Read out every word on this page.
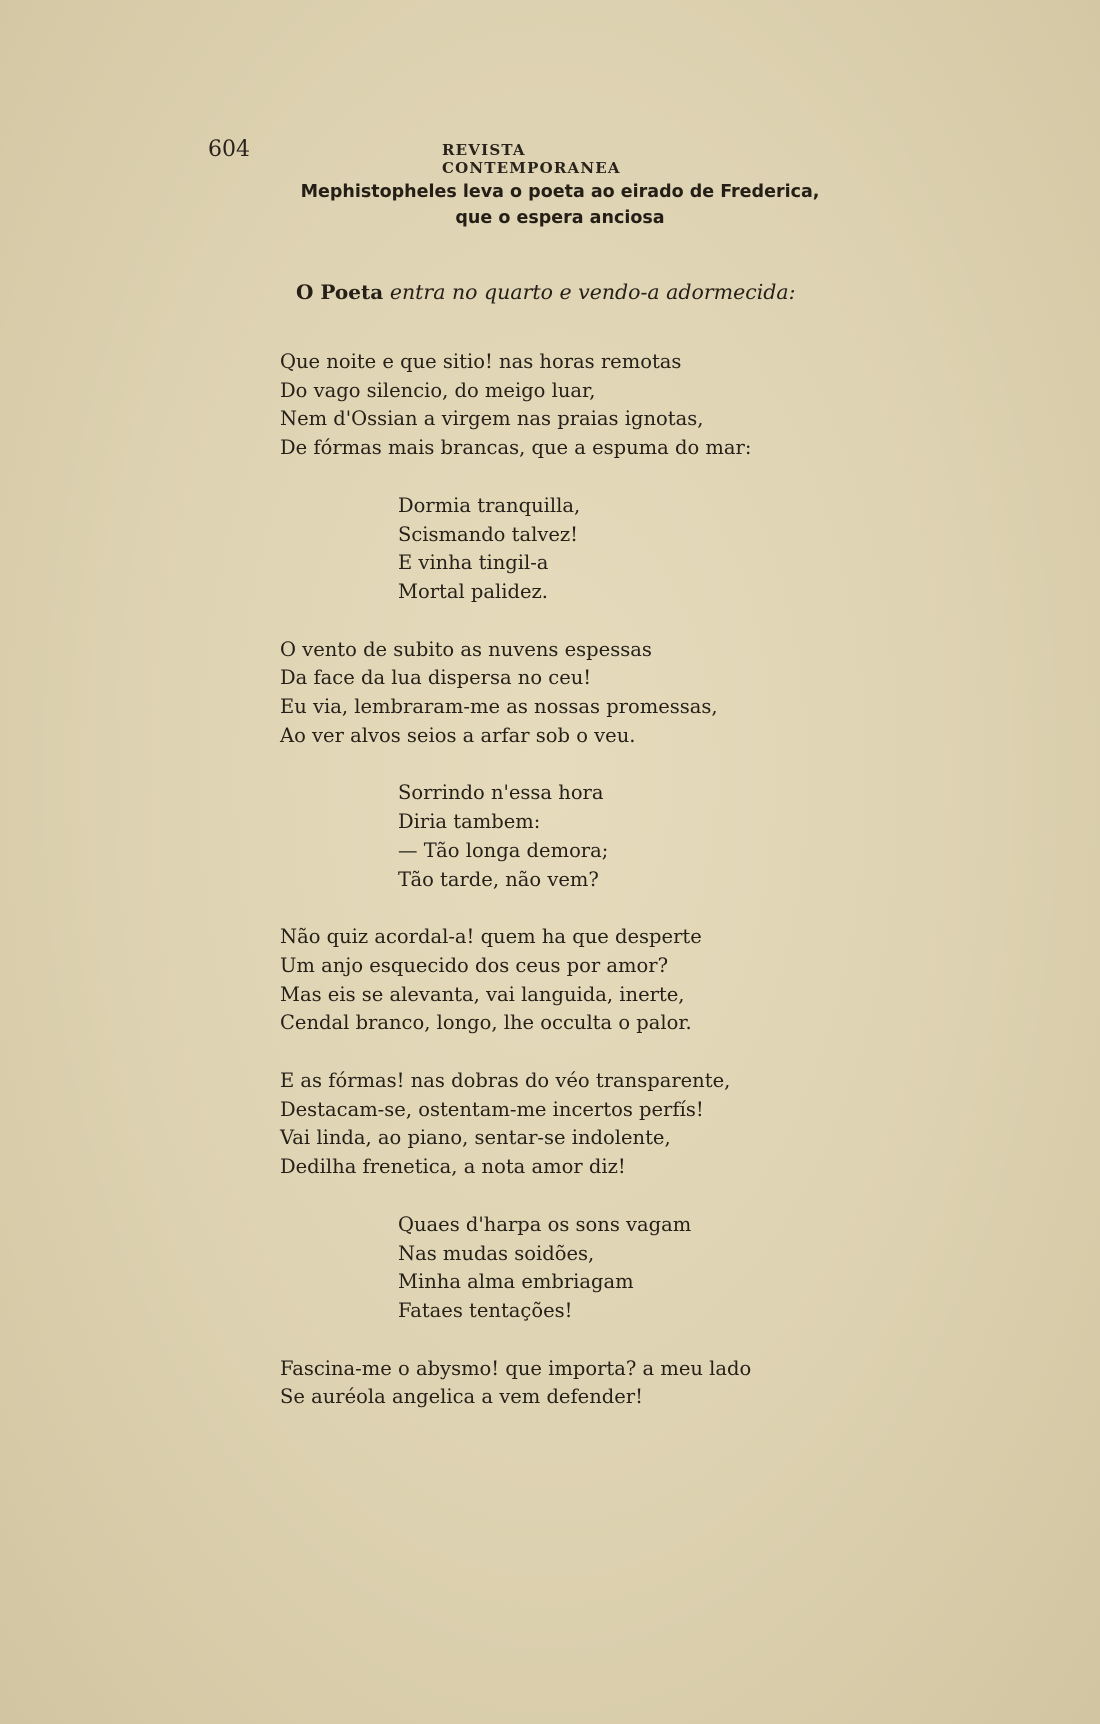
604	REVISTA CONTEMPORANEA
Mephistopheles leva o poeta ao eirado de Frederica,
que o espera anciosa
O Poeta entra no quarto e vendo-a adormecida:
Que noite e que sitio! nas horas remotas
Do vago silencio, do meigo luar,
Nem d'Ossian a virgem nas praias ignotas,
De fórmas mais brancas, que a espuma do mar:
Dormia tranquilla,
Scismando talvez!
E vinha tingil-a
Mortal palidez.
O vento de subito as nuvens espessas
Da face da lua dispersa no ceu!
Eu via, lembraram-me as nossas promessas,
Ao ver alvos seios a arfar sob o veu.
Sorrindo n'essa hora
Diria tambem:
— Tão longa demora;
Tão tarde, não vem?
Não quiz acordal-a! quem ha que desperte
Um anjo esquecido dos ceus por amor?
Mas eis se alevanta, vai languida, inerte,
Cendal branco, longo, lhe occulta o palor.
E as fórmas! nas dobras do véo transparente,
Destacam-se, ostentam-me incertos perfís!
Vai linda, ao piano, sentar-se indolente,
Dedilha frenetica, a nota amor diz!
Quaes d'harpa os sons vagam
Nas mudas soidões,
Minha alma embriagam
Fataes tentações!
Fascina-me o abysmo! que importa? a meu lado
Se auréola angelica a vem defender!
